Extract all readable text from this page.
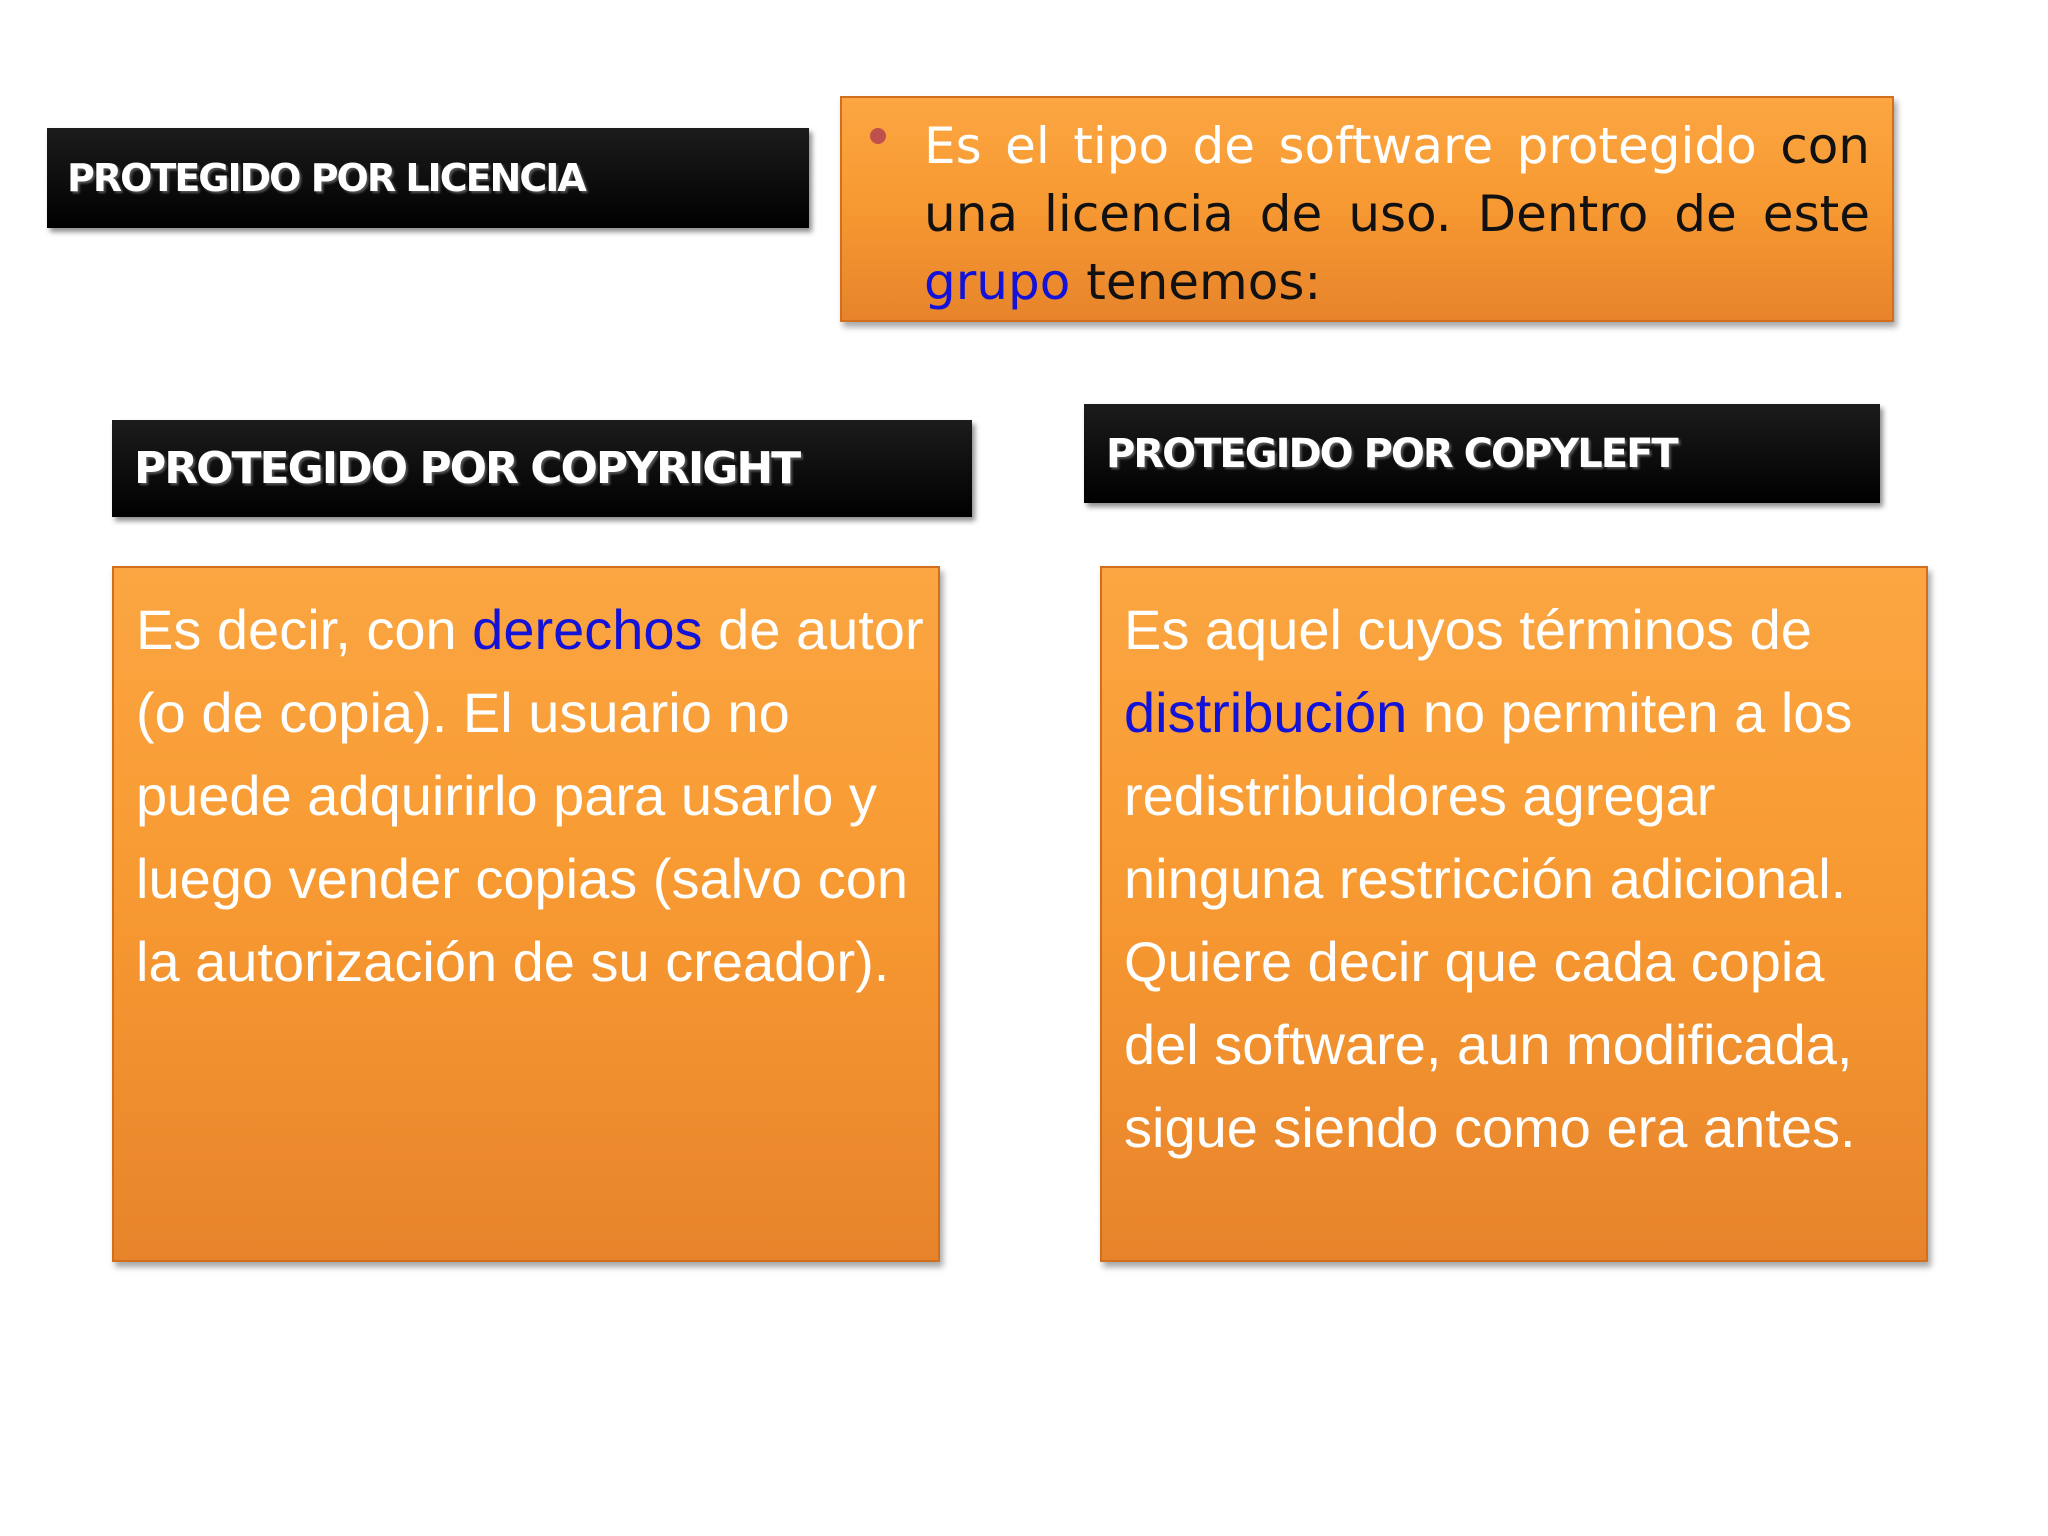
PROTEGIDO POR LICENCIA

Es el tipo de software protegido con una licencia de uso. Dentro de este grupo tenemos:

PROTEGIDO POR COPYRIGHT	PROTEGIDO POR COPYLEFT

Es decir, con derechos de autor (o de copia). El usuario no puede adquirirlo para usarlo y luego vender copias (salvo con la autorización de su creador).

Es aquel cuyos términos de distribución no permiten a los redistribuidores agregar ninguna restricción adicional. Quiere decir que cada copia del software, aun modificada, sigue siendo como era antes.
